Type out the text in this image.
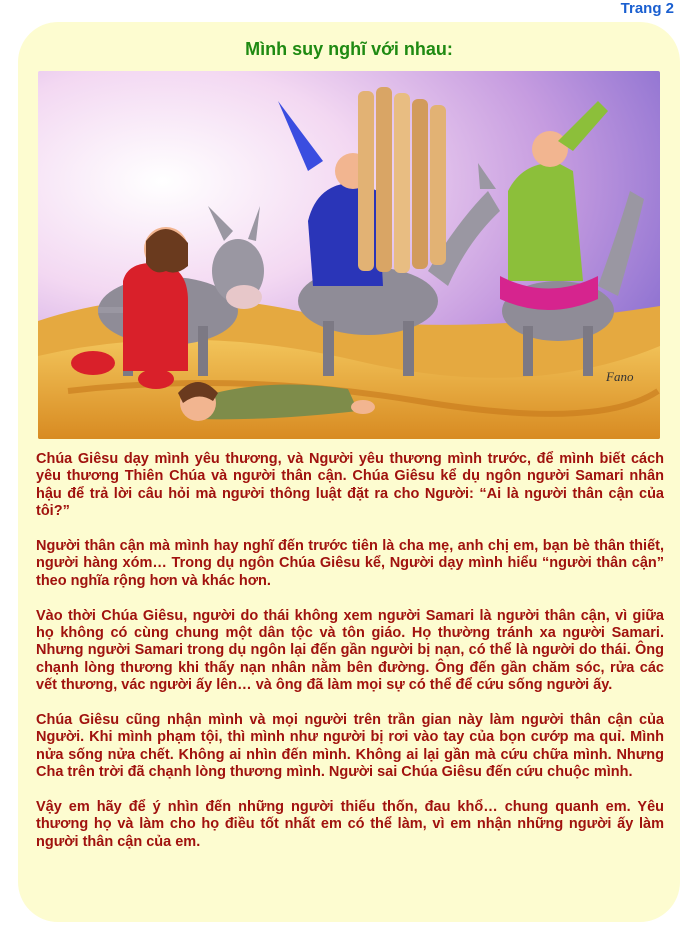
Trang 2
Mình suy nghĩ với nhau:
Fano

Chúa Giêsu dạy mình yêu thương, và Người yêu thương mình trước, để mình biết cách yêu thương Thiên Chúa và người thân cận. Chúa Giêsu kể dụ ngôn người Samari nhân hậu để trả lời câu hỏi mà người thông luật đặt ra cho Người: “Ai là người thân cận của tôi?”

Người thân cận mà mình hay nghĩ đến trước tiên là cha mẹ, anh chị em, bạn bè thân thiết, người hàng xóm… Trong dụ ngôn Chúa Giêsu kể, Người dạy mình hiểu “người thân cận” theo nghĩa rộng hơn và khác hơn.

Vào thời Chúa Giêsu, người do thái không xem người Samari là người thân cận, vì giữa họ không có cùng chung một dân tộc và tôn giáo. Họ thường tránh xa người Samari. Nhưng người Samari trong dụ ngôn lại đến gần người bị nạn, có thể là người do thái. Ông chạnh lòng thương khi thấy nạn nhân nằm bên đường. Ông đến gần chăm sóc, rửa các vết thương, vác người ấy lên… và ông đã làm mọi sự có thể để cứu sống người ấy.

Chúa Giêsu cũng nhận mình và mọi người trên trần gian này làm người thân cận của Người. Khi mình phạm tội, thì mình như người bị rơi vào tay của bọn cướp ma quỉ. Mình nửa sống nửa chết. Không ai nhìn đến mình. Không ai lại gần mà cứu chữa mình. Nhưng Cha trên trời đã chạnh lòng thương mình. Người sai Chúa Giêsu đến cứu chuộc mình.

Vậy em hãy để ý nhìn đến những người thiếu thốn, đau khổ… chung quanh em. Yêu thương họ và làm cho họ điều tốt nhất em có thể làm, vì em nhận những người ấy làm người thân cận của em.
